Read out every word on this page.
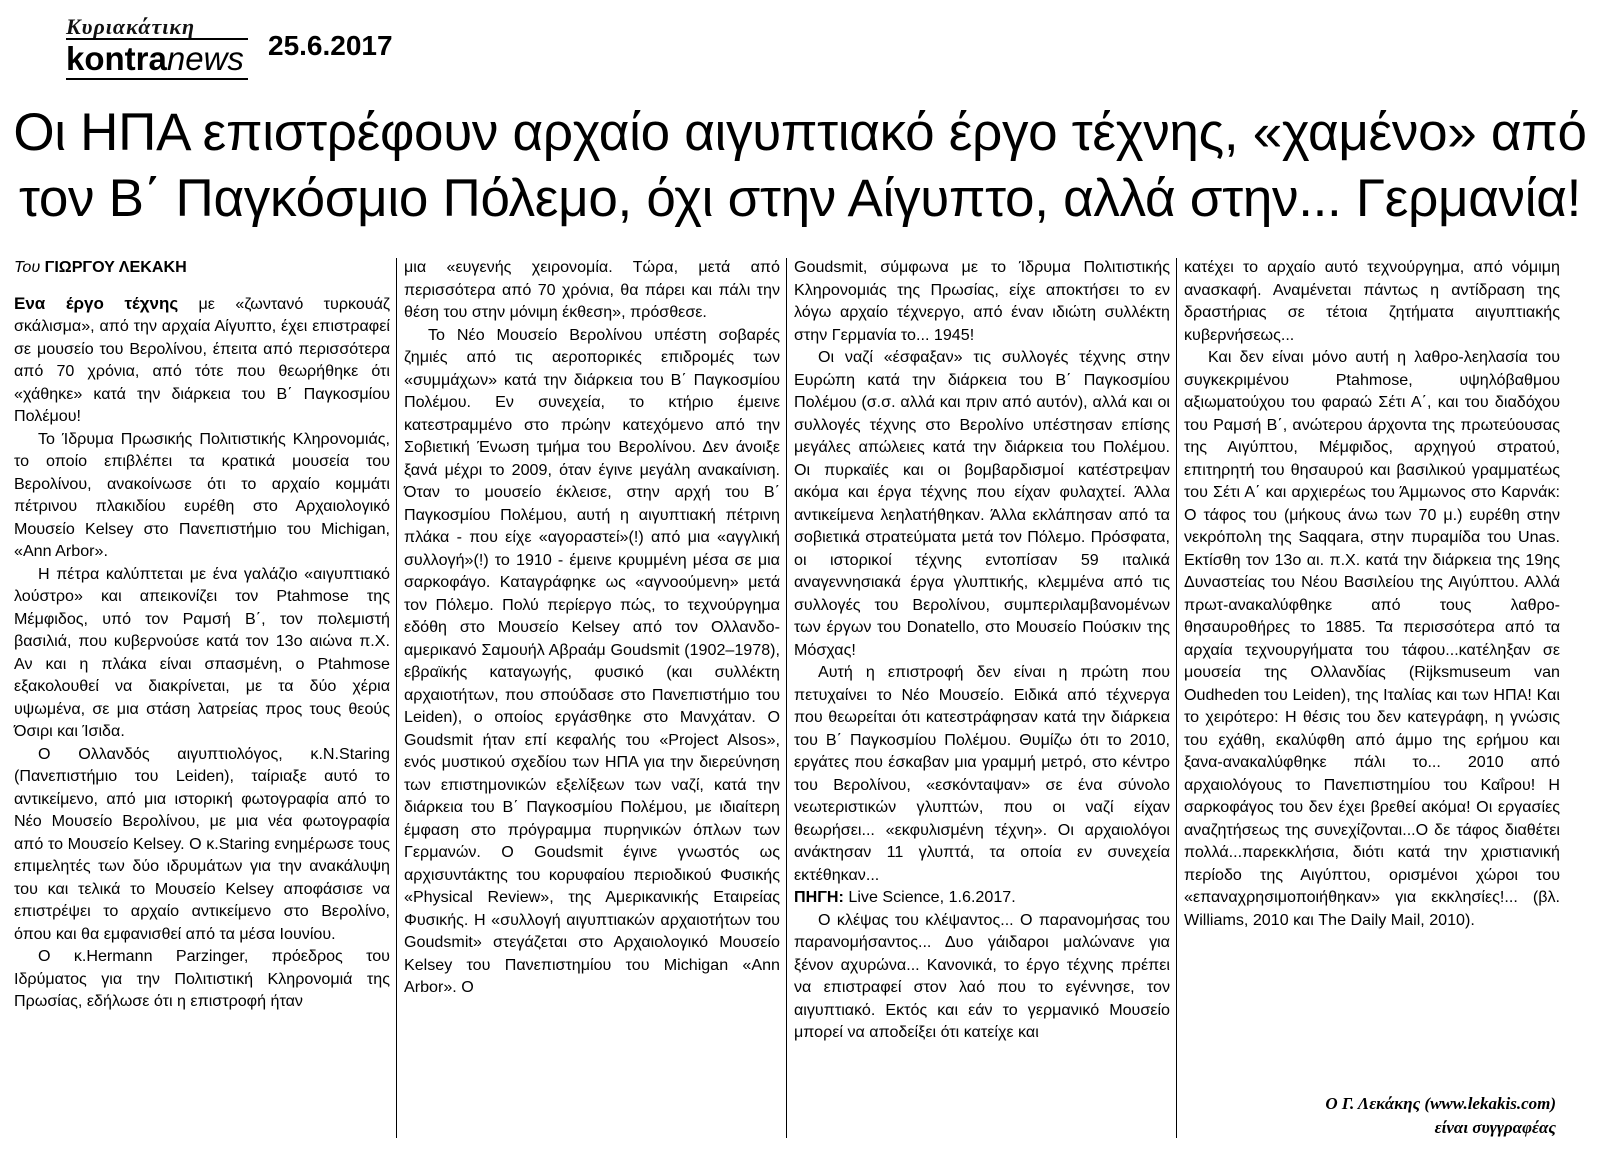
Κυριακάτικη
kontranews 25.6.2017
Οι ΗΠΑ επιστρέφουν αρχαίο αιγυπτιακό έργο τέχνης, «χαμένο» από
τον Β΄ Παγκόσμιο Πόλεμο, όχι στην Αίγυπτο, αλλά στην... Γερμανία!

Του ΓΙΩΡΓΟΥ ΛΕΚΑΚΗ

Ενα έργο τέχνης με «ζωντανό τυρκουάζ σκάλισμα», από την αρχαία Αίγυπτο, έχει επιστραφεί σε μουσείο του Βερολίνου, έπειτα από περισσότερα από 70 χρόνια, από τότε που θεωρήθηκε ότι «χάθηκε» κατά την διάρκεια του Β΄ Παγκοσμίου Πολέμου!

Το Ίδρυμα Πρωσικής Πολιτιστικής Κληρονομιάς, το οποίο επιβλέπει τα κρατικά μουσεία του Βερολίνου, ανακοίνωσε ότι το αρχαίο κομμάτι πέτρινου πλακιδίου ευρέθη στο Αρχαιολογικό Μουσείο Kelsey στο Πανεπιστήμιο του Michigan, «Ann Arbor».

Η πέτρα καλύπτεται με ένα γαλάζιο «αιγυπτιακό λούστρο» και απεικονίζει τον Ptahmose της Μέμφιδος, υπό τον Ραμσή Β΄, τον πολεμιστή βασιλιά, που κυβερνούσε κατά τον 13ο αιώνα π.Χ. Αν και η πλάκα είναι σπασμένη, ο Ptahmose εξακολουθεί να διακρίνεται, με τα δύο χέρια υψωμένα, σε μια στάση λατρείας προς τους θεούς Όσιρι και Ίσιδα.

Ο Ολλανδός αιγυπτιολόγος, κ.N.Staring (Πανεπιστήμιο του Leiden), ταίριαξε αυτό το αντικείμενο, από μια ιστορική φωτογραφία από το Νέο Μουσείο Βερολίνου, με μια νέα φωτογραφία από το Μουσείο Kelsey. Ο κ.Staring ενημέρωσε τους επιμελητές των δύο ιδρυμάτων για την ανακάλυψη του και τελικά το Μουσείο Kelsey αποφάσισε να επιστρέψει το αρχαίο αντικείμενο στο Βερολίνο, όπου και θα εμφανισθεί από τα μέσα Ιουνίου.

Ο κ.Hermann Parzinger, πρόεδρος του Ιδρύματος για την Πολιτιστική Κληρονομιά της Πρωσίας, εδήλωσε ότι η επιστροφή ήταν

μια «ευγενής χειρονομία. Τώρα, μετά από περισσότερα από 70 χρόνια, θα πάρει και πάλι την θέση του στην μόνιμη έκθεση», πρόσθεσε.

Το Νέο Μουσείο Βερολίνου υπέστη σοβαρές ζημιές από τις αεροπορικές επιδρομές των «συμμάχων» κατά την διάρκεια του Β΄ Παγκοσμίου Πολέμου. Εν συνεχεία, το κτήριο έμεινε κατεστραμμένο στο πρώην κατεχόμενο από την Σοβιετική Ένωση τμήμα του Βερολίνου. Δεν άνοιξε ξανά μέχρι το 2009, όταν έγινε μεγάλη ανακαίνιση. Όταν το μουσείο έκλεισε, στην αρχή του Β΄ Παγκοσμίου Πολέμου, αυτή η αιγυπτιακή πέτρινη πλάκα - που είχε «αγοραστεί»(!) από μια «αγγλική συλλογή»(!) το 1910 - έμεινε κρυμμένη μέσα σε μια σαρκοφάγο. Καταγράφηκε ως «αγνοούμενη» μετά τον Πόλεμο. Πολύ περίεργο πώς, το τεχνούργημα εδόθη στο Μουσείο Kelsey από τον Ολλανδο-αμερικανό Σαμουήλ Αβραάμ Goudsmit (1902–1978), εβραϊκής καταγωγής, φυσικό (και συλλέκτη αρχαιοτήτων, που σπούδασε στο Πανεπιστήμιο του Leiden), ο οποίος εργάσθηκε στο Μανχάταν. Ο Goudsmit ήταν επί κεφαλής του «Project Alsos», ενός μυστικού σχεδίου των ΗΠΑ για την διερεύνηση των επιστημονικών εξελίξεων των ναζί, κατά την διάρκεια του Β΄ Παγκοσμίου Πολέμου, με ιδιαίτερη έμφαση στο πρόγραμμα πυρηνικών όπλων των Γερμανών. Ο Goudsmit έγινε γνωστός ως αρχισυντάκτης του κορυφαίου περιοδικού Φυσικής «Physical Review», της Αμερικανικής Εταιρείας Φυσικής. Η «συλλογή αιγυπτιακών αρχαιοτήτων του Goudsmit» στεγάζεται στο Αρχαιολογικό Μουσείο Kelsey του Πανεπιστημίου του Michigan «Ann Arbor». Ο

Goudsmit, σύμφωνα με το Ίδρυμα Πολιτιστικής Κληρονομιάς της Πρωσίας, είχε αποκτήσει το εν λόγω αρχαίο τέχνεργο, από έναν ιδιώτη συλλέκτη στην Γερμανία το... 1945!

Οι ναζί «έσφαξαν» τις συλλογές τέχνης στην Ευρώπη κατά την διάρκεια του Β΄ Παγκοσμίου Πολέμου (σ.σ. αλλά και πριν από αυτόν), αλλά και οι συλλογές τέχνης στο Βερολίνο υπέστησαν επίσης μεγάλες απώλειες κατά την διάρκεια του Πολέμου. Οι πυρκαϊές και οι βομβαρδισμοί κατέστρεψαν ακόμα και έργα τέχνης που είχαν φυλαχτεί. Άλλα αντικείμενα λεηλατήθηκαν. Άλλα εκλάπησαν από τα σοβιετικά στρατεύματα μετά τον Πόλεμο. Πρόσφατα, οι ιστορικοί τέχνης εντοπίσαν 59 ιταλικά αναγεννησιακά έργα γλυπτικής, κλεμμένα από τις συλλογές του Βερολίνου, συμπεριλαμβανομένων των έργων του Donatello, στο Μουσείο Πούσκιν της Μόσχας!

Αυτή η επιστροφή δεν είναι η πρώτη που πετυχαίνει το Νέο Μουσείο. Ειδικά από τέχνεργα που θεωρείται ότι κατεστράφησαν κατά την διάρκεια του Β΄ Παγκοσμίου Πολέμου. Θυμίζω ότι το 2010, εργάτες που έσκαβαν μια γραμμή μετρό, στο κέντρο του Βερολίνου, «εσκόνταψαν» σε ένα σύνολο νεωτεριστικών γλυπτών, που οι ναζί είχαν θεωρήσει... «εκφυλισμένη τέχνη». Οι αρχαιολόγοι ανάκτησαν 11 γλυπτά, τα οποία εν συνεχεία εκτέθηκαν...

ΠΗΓΗ: Live Science, 1.6.2017.

Ο κλέψας του κλέψαντος... Ο παρανομήσας του παρανομήσαντος... Δυο γάιδαροι μαλώνανε για ξένον αχυρώνα... Κανονικά, το έργο τέχνης πρέπει να επιστραφεί στον λαό που το εγέννησε, τον αιγυπτιακό. Εκτός και εάν το γερμανικό Μουσείο μπορεί να αποδείξει ότι κατείχε και

κατέχει το αρχαίο αυτό τεχνούργημα, από νόμιμη ανασκαφή. Αναμένεται πάντως η αντίδραση της δραστήριας σε τέτοια ζητήματα αιγυπτιακής κυβερνήσεως...

Και δεν είναι μόνο αυτή η λαθρο-λεηλασία του συγκεκριμένου Ptahmose, υψηλόβαθμου αξιωματούχου του φαραώ Σέτι Α΄, και του διαδόχου του Ραμσή Β΄, ανώτερου άρχοντα της πρωτεύουσας της Αιγύπτου, Μέμφιδος, αρχηγού στρατού, επιτηρητή του θησαυρού και βασιλικού γραμματέως του Σέτι Α΄ και αρχιερέως του Άμμωνος στο Καρνάκ: Ο τάφος του (μήκους άνω των 70 μ.) ευρέθη στην νεκρόπολη της Saqqara, στην πυραμίδα του Unas. Εκτίσθη τον 13ο αι. π.Χ. κατά την διάρκεια της 19ης Δυναστείας του Νέου Βασιλείου της Αιγύπτου. Αλλά πρωτ-ανακαλύφθηκε από τους λαθρο-θησαυροθήρες το 1885. Τα περισσότερα από τα αρχαία τεχνουργήματα του τάφου...κατέληξαν σε μουσεία της Ολλανδίας (Rijksmuseum van Oudheden του Leiden), της Ιταλίας και των ΗΠΑ! Και το χειρότερο: Η θέσις του δεν κατεγράφη, η γνώσις του εχάθη, εκαλύφθη από άμμο της ερήμου και ξανα-ανακαλύφθηκε πάλι το... 2010 από αρχαιολόγους το Πανεπιστημίου του Καΐρου! Η σαρκοφάγος του δεν έχει βρεθεί ακόμα! Οι εργασίες αναζητήσεως της συνεχίζονται...Ο δε τάφος διαθέτει πολλά...παρεκκλήσια, διότι κατά την χριστιανική περίοδο της Αιγύπτου, ορισμένοι χώροι του «επαναχρησιμοποιήθηκαν» για εκκλησίες!... (βλ. Williams, 2010 και The Daily Mail, 2010).

Ο Γ. Λεκάκης (www.lekakis.com)
είναι συγγραφέας
